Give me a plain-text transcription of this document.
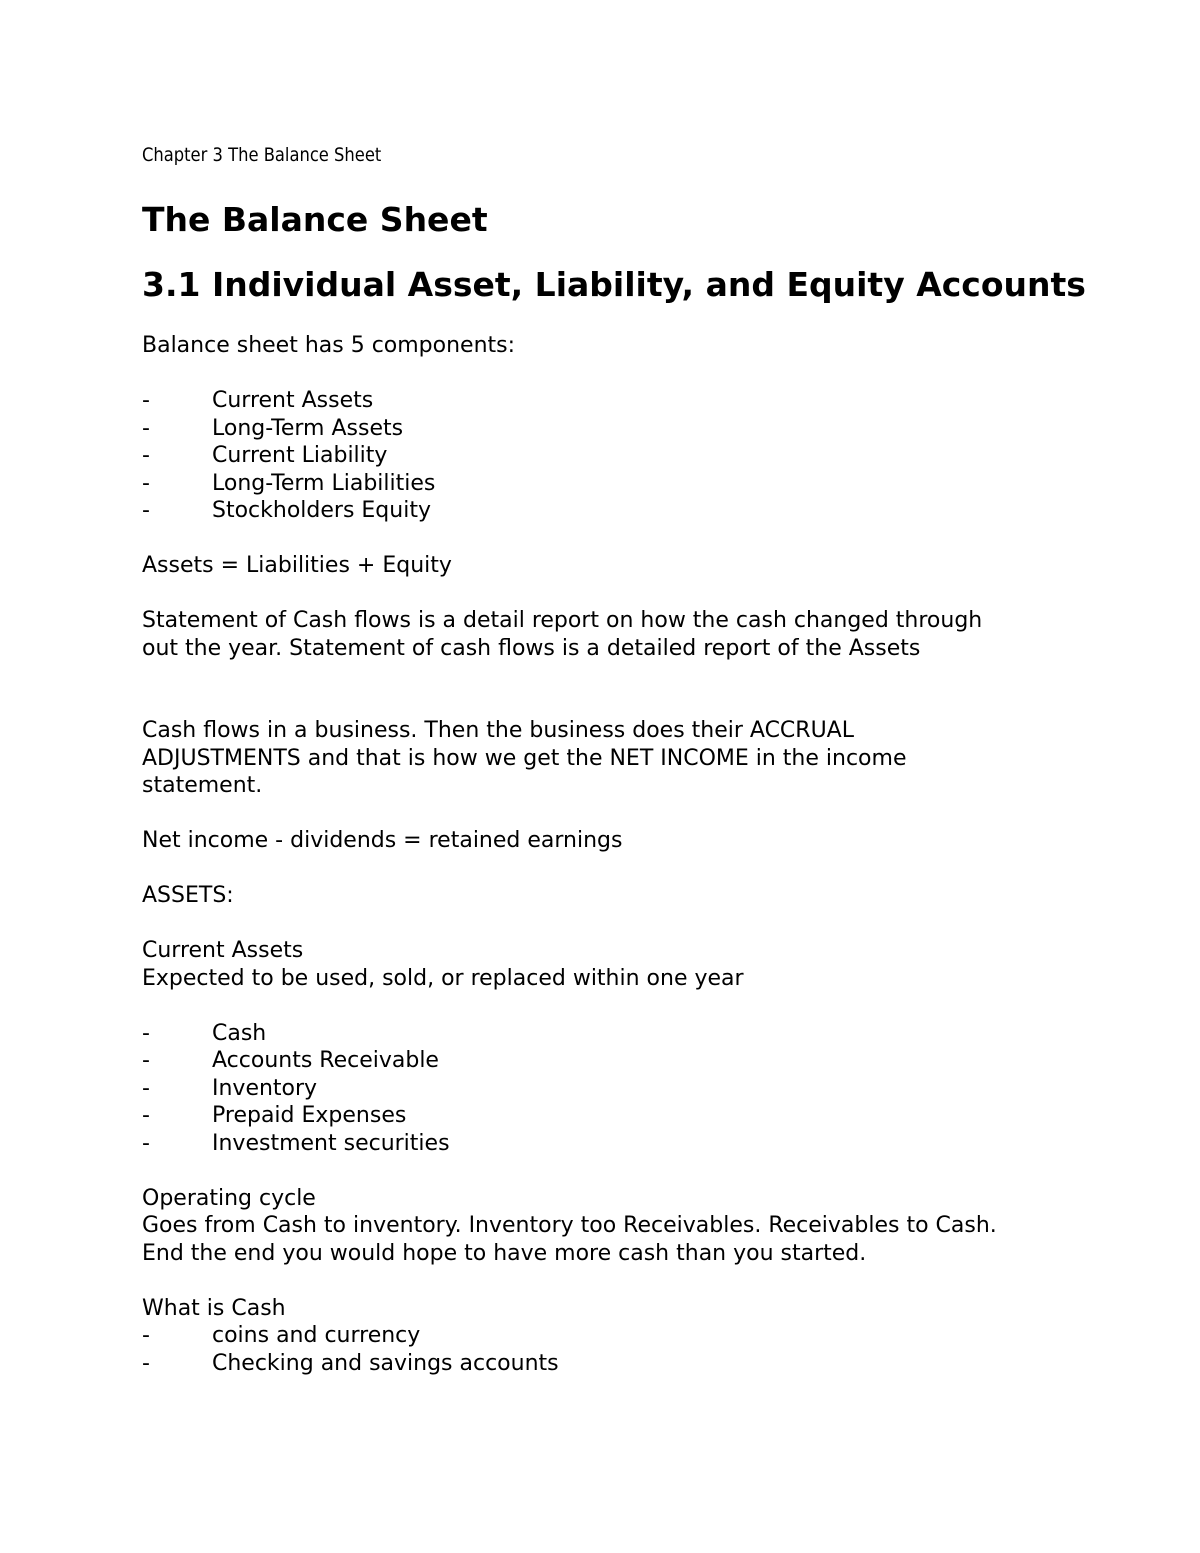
Chapter 3 The Balance Sheet
The Balance Sheet
3.1 Individual Asset, Liability, and Equity Accounts

Balance sheet has 5 components:

-	Current Assets
-	Long-Term Assets
-	Current Liability
-	Long-Term Liabilities
-	Stockholders Equity

Assets = Liabilities + Equity

Statement of Cash flows is a detail report on how the cash changed through

out the year. Statement of cash flows is a detailed report of the Assets

Cash flows in a business. Then the business does their ACCRUAL

ADJUSTMENTS and that is how we get the NET INCOME in the income

statement.

Net income - dividends = retained earnings

ASSETS:

Current Assets

Expected to be used, sold, or replaced within one year

-	Cash
-	Accounts Receivable
-	Inventory
-	Prepaid Expenses
-	Investment securities

Operating cycle

Goes from Cash to inventory. Inventory too Receivables. Receivables to Cash.

End the end you would hope to have more cash than you started.

What is Cash

-	coins and currency
-	Checking and savings accounts
